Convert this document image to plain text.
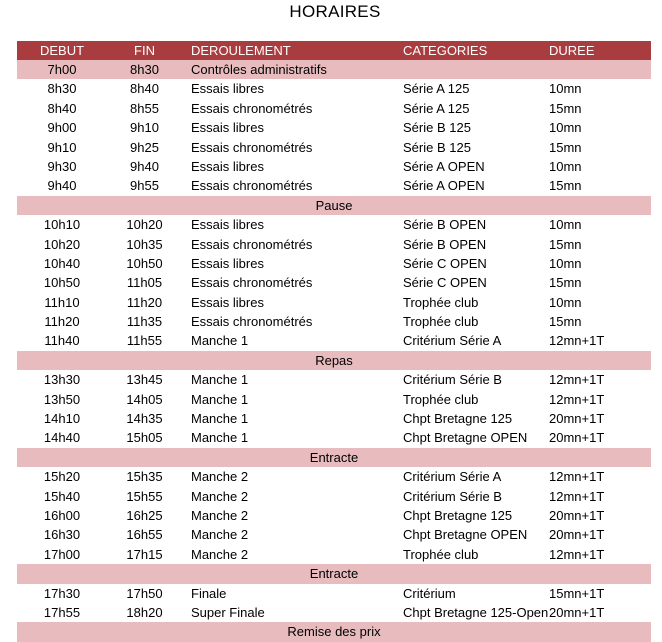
HORAIRES
DEBUT	FIN	DEROULEMENT	CATEGORIES	DUREE
7h00	8h30	Contrôles administratifs
8h30	8h40	Essais libres	Série A 125	10mn
8h40	8h55	Essais chronométrés	Série A 125	15mn
9h00	9h10	Essais libres	Série B 125	10mn
9h10	9h25	Essais chronométrés	Série B 125	15mn
9h30	9h40	Essais libres	Série A OPEN	10mn
9h40	9h55	Essais chronométrés	Série A OPEN	15mn
Pause
10h10	10h20	Essais libres	Série B OPEN	10mn
10h20	10h35	Essais chronométrés	Série B OPEN	15mn
10h40	10h50	Essais libres	Série C OPEN	10mn
10h50	11h05	Essais chronométrés	Série C OPEN	15mn
11h10	11h20	Essais libres	Trophée club	10mn
11h20	11h35	Essais chronométrés	Trophée club	15mn
11h40	11h55	Manche 1	Critérium Série A	12mn+1T
Repas
13h30	13h45	Manche 1	Critérium Série B	12mn+1T
13h50	14h05	Manche 1	Trophée club	12mn+1T
14h10	14h35	Manche 1	Chpt Bretagne 125	20mn+1T
14h40	15h05	Manche 1	Chpt Bretagne OPEN	20mn+1T
Entracte
15h20	15h35	Manche 2	Critérium Série A	12mn+1T
15h40	15h55	Manche 2	Critérium Série B	12mn+1T
16h00	16h25	Manche 2	Chpt Bretagne 125	20mn+1T
16h30	16h55	Manche 2	Chpt Bretagne OPEN	20mn+1T
17h00	17h15	Manche 2	Trophée club	12mn+1T
Entracte
17h30	17h50	Finale	Critérium	15mn+1T
17h55	18h20	Super Finale	Chpt Bretagne 125-Open 20mn+1T
Remise des prix
